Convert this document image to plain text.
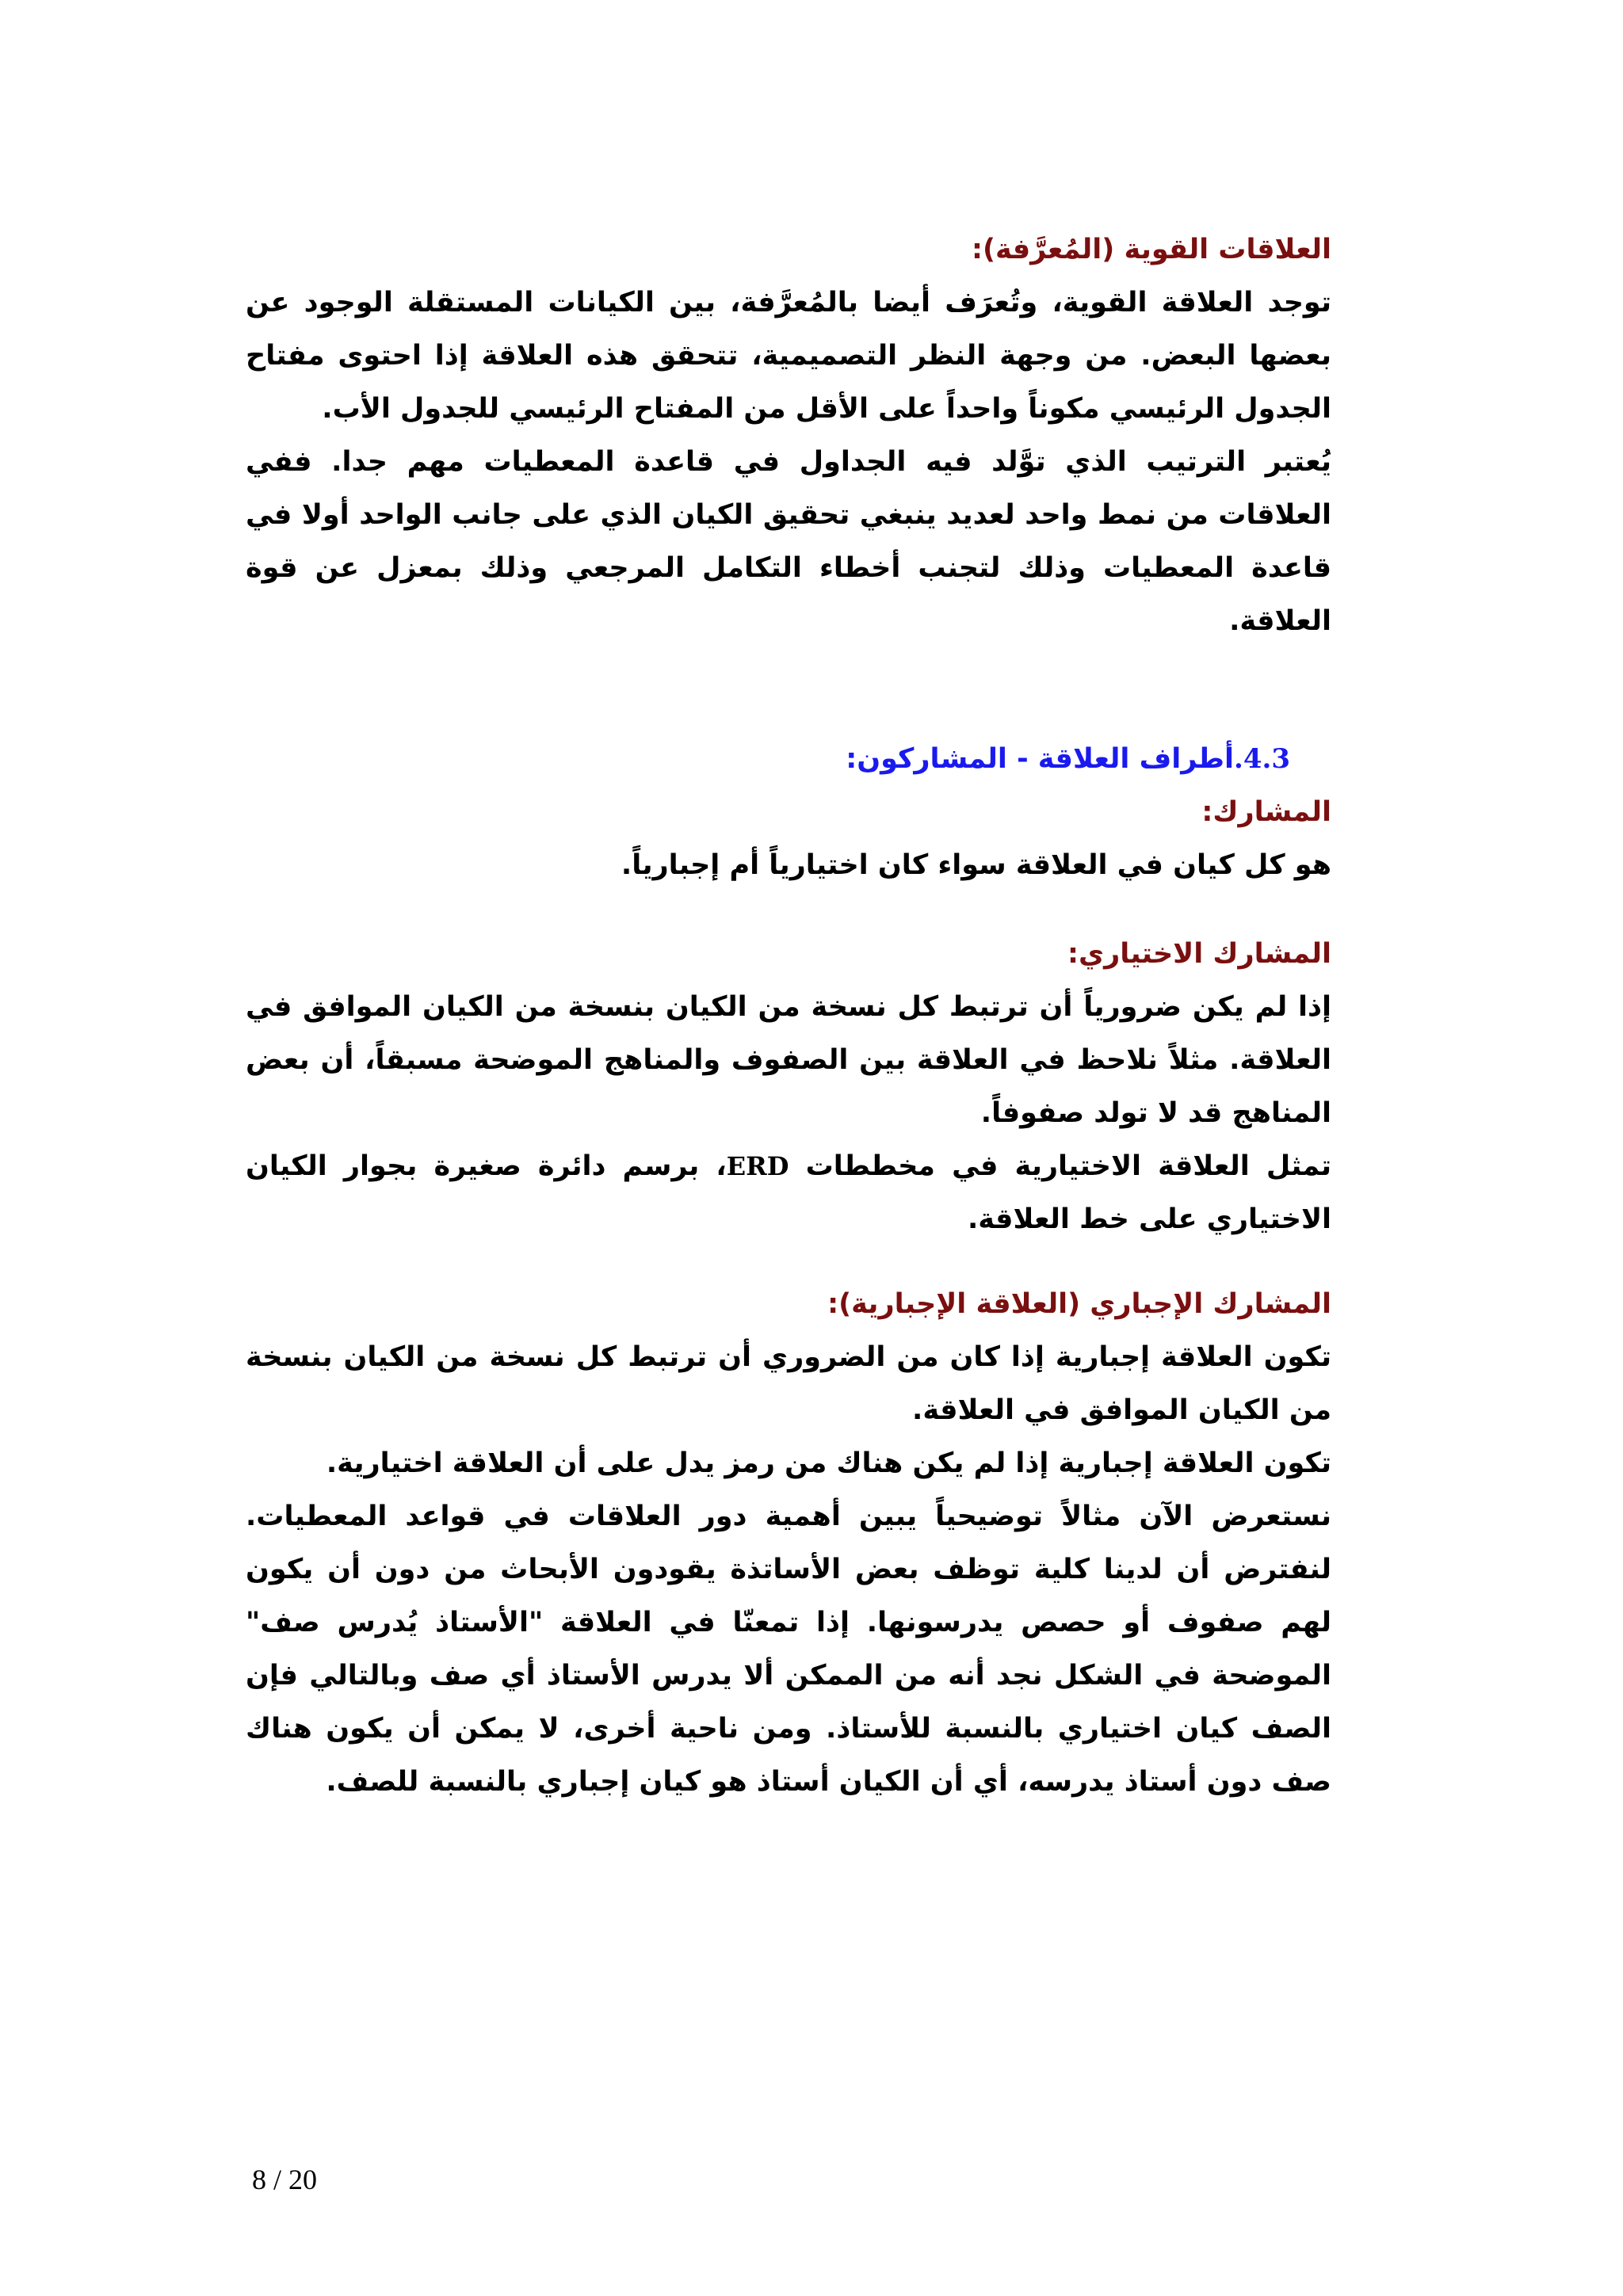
العلاقات القوية (المُعرَّفة):

توجد العلاقة القوية، وتُعرَف أيضا بالمُعرَّفة، بين الكيانات المستقلة الوجود عن بعضها البعض. من وجهة النظر التصميمية، تتحقق هذه العلاقة إذا احتوى مفتاح الجدول الرئيسي مكوناً واحداً على الأقل من المفتاح الرئيسي للجدول الأب.

يُعتبر الترتيب الذي توَّلد فيه الجداول في قاعدة المعطيات مهم جدا. ففي العلاقات من نمط واحد لعديد ينبغي تحقيق الكيان الذي على جانب الواحد أولا في قاعدة المعطيات وذلك لتجنب أخطاء التكامل المرجعي وذلك بمعزل عن قوة العلاقة.

4.3.أطراف العلاقة - المشاركون:

المشارك:

هو كل كيان في العلاقة سواء كان اختيارياً أم إجبارياً.

المشارك الاختياري:

إذا لم يكن ضرورياً أن ترتبط كل نسخة من الكيان بنسخة من الكيان الموافق في العلاقة. مثلاً نلاحظ في العلاقة بين الصفوف والمناهج الموضحة مسبقاً، أن بعض المناهج قد لا تولد صفوفاً.

تمثل العلاقة الاختيارية في مخططات ERD، برسم دائرة صغيرة بجوار الكيان الاختياري على خط العلاقة.

المشارك الإجباري (العلاقة الإجبارية):

تكون العلاقة إجبارية إذا كان من الضروري أن ترتبط كل نسخة من الكيان بنسخة من الكيان الموافق في العلاقة.

تكون العلاقة إجبارية إذا لم يكن هناك من رمز يدل على أن العلاقة اختيارية.

نستعرض الآن مثالاً توضيحياً يبين أهمية دور العلاقات في قواعد المعطيات. لنفترض أن لدينا كلية توظف بعض الأساتذة يقودون الأبحاث من دون أن يكون لهم صفوف أو حصص يدرسونها. إذا تمعنّا في العلاقة "الأستاذ يُدرس صف" الموضحة في الشكل نجد أنه من الممكن ألا يدرس الأستاذ أي صف وبالتالي فإن الصف كيان اختياري بالنسبة للأستاذ. ومن ناحية أخرى، لا يمكن أن يكون هناك صف دون أستاذ يدرسه، أي أن الكيان أستاذ هو كيان إجباري بالنسبة للصف.

8 / 20
